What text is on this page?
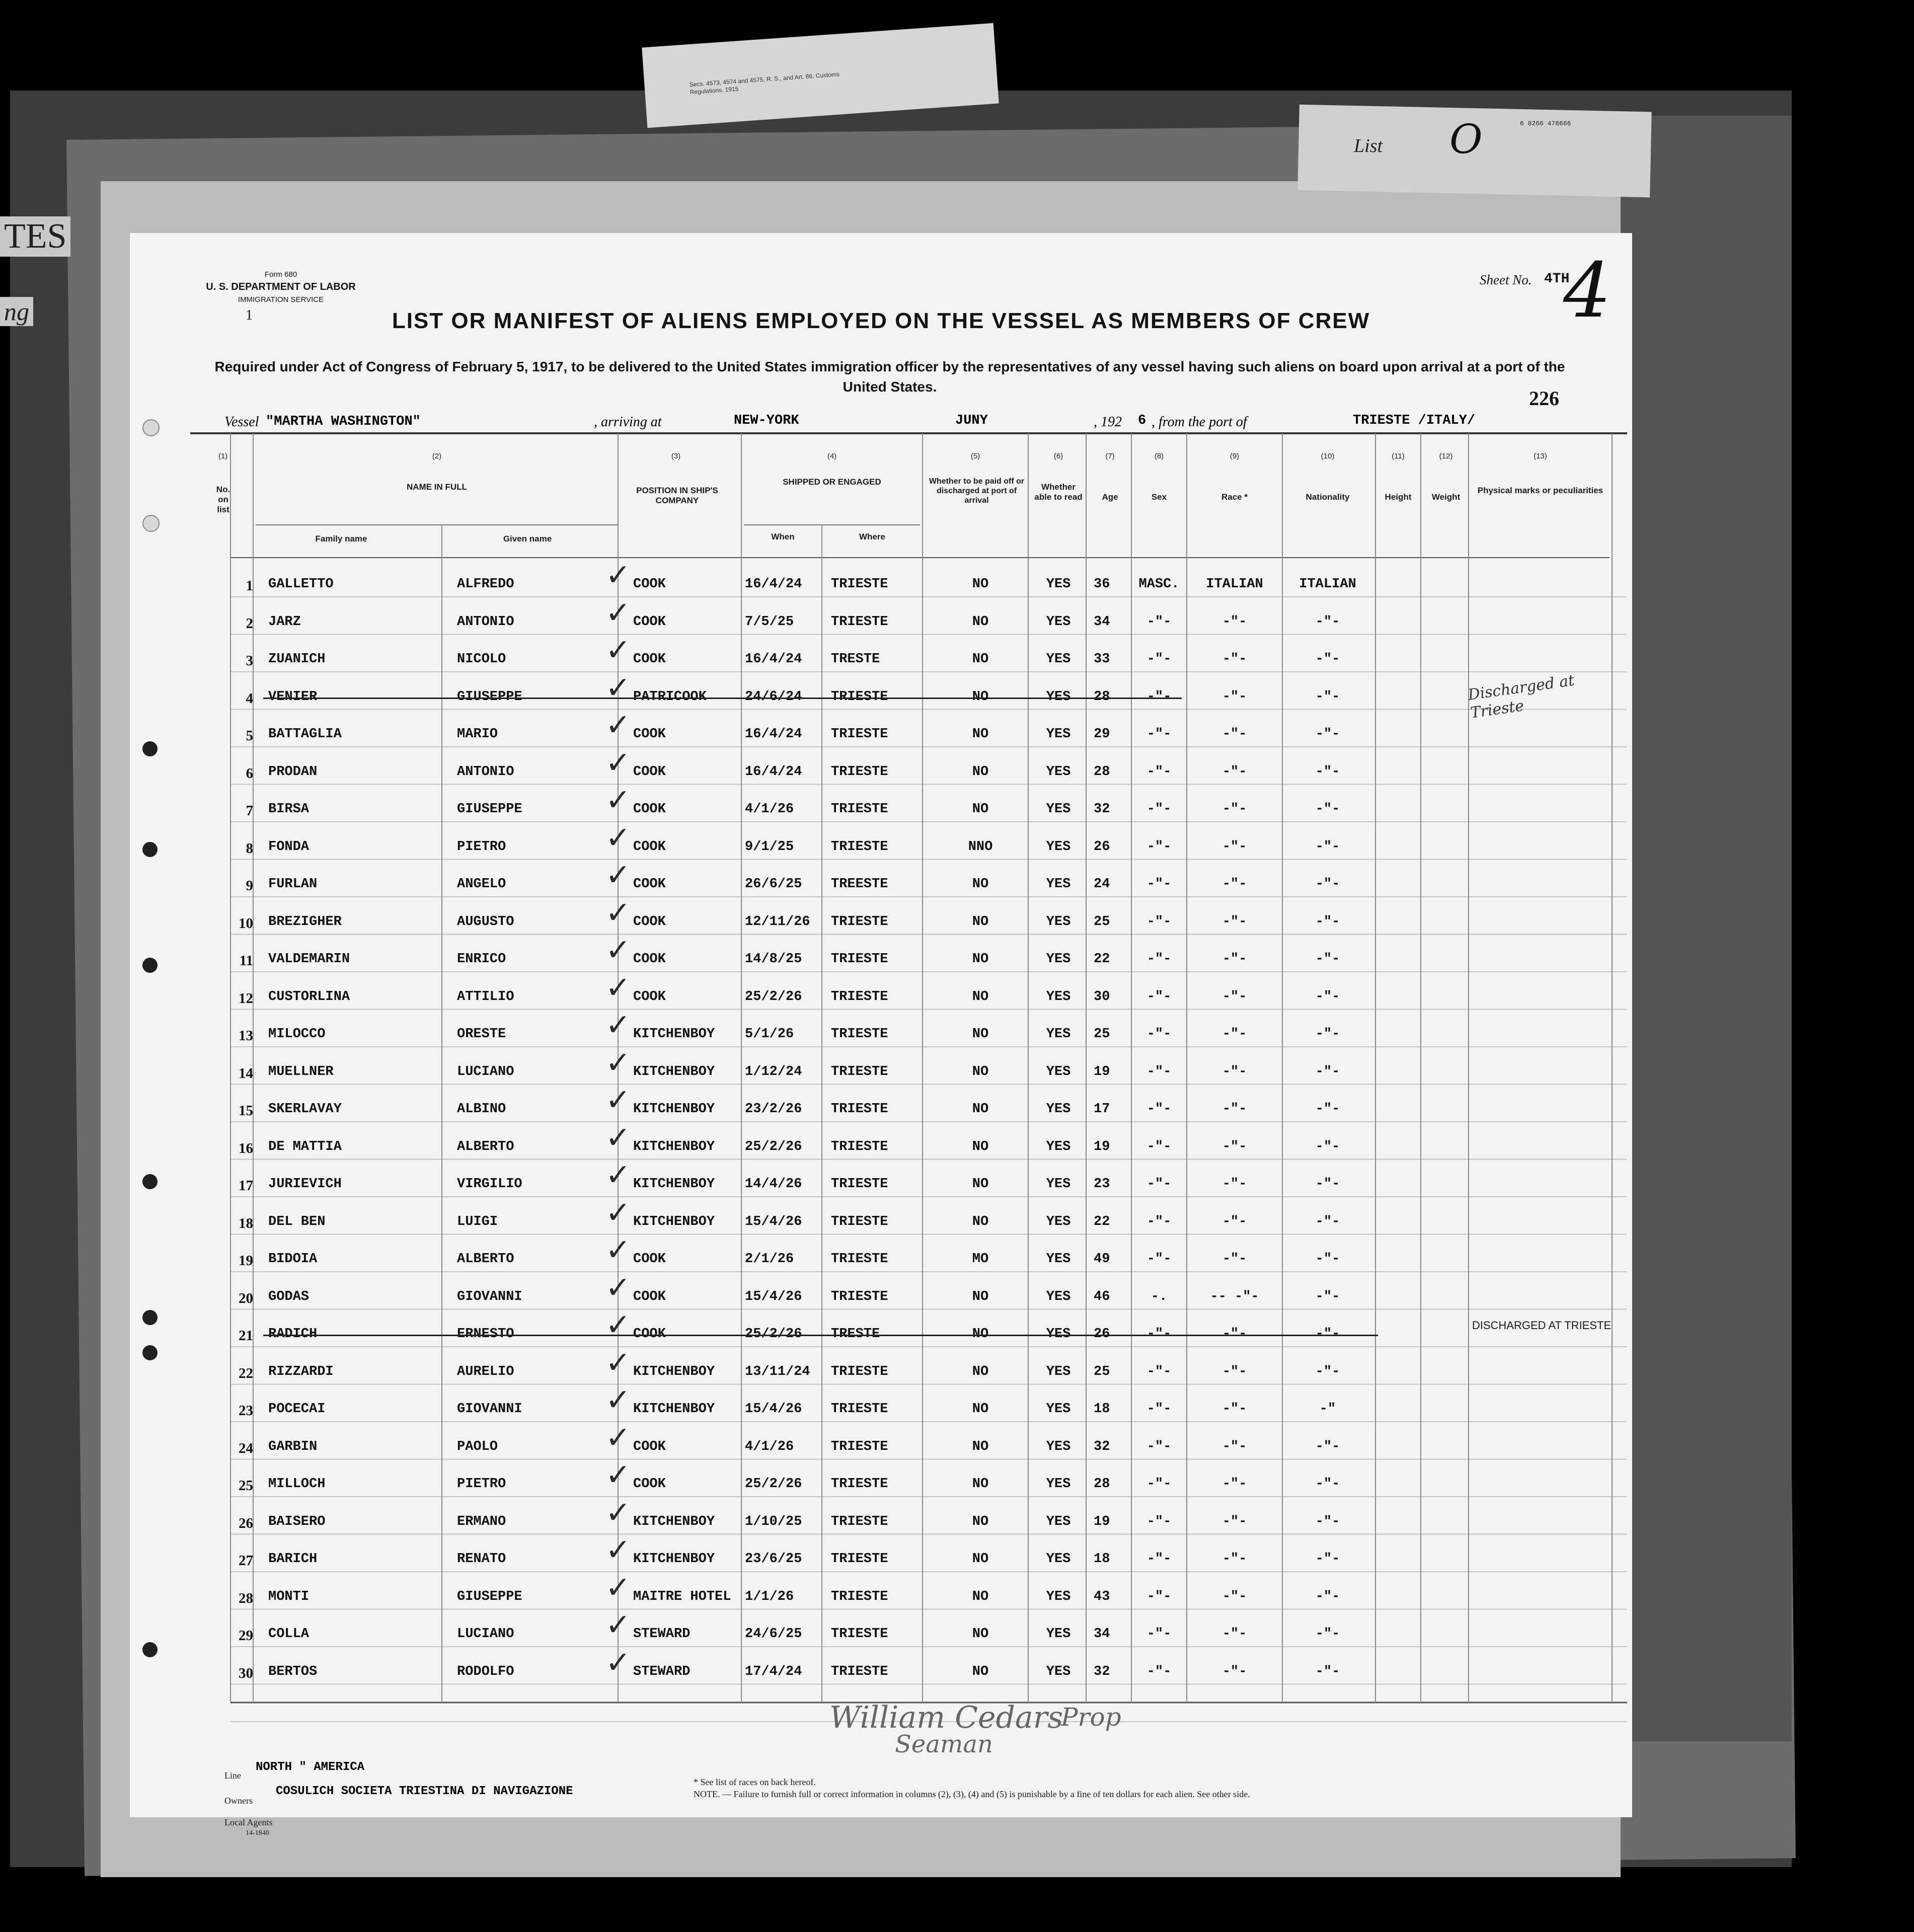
Secs. 4573, 4574 and 4575, R. S., and Art. 86, Customs Regulations, 1915
List O	6 8266 478666
TES
ng
Form 680
U. S. DEPARTMENT OF LABOR
IMMIGRATION SERVICE
1
Sheet No. 4TH
4
LIST OR MANIFEST OF ALIENS EMPLOYED ON THE VESSEL AS MEMBERS OF CREW
Required under Act of Congress of February 5, 1917, to be delivered to the United States immigration officer by the representatives of any vessel having such aliens on board upon arrival at a port of the United States.
226
Vessel "MARTHA WASHINGTON"	, arriving at	NEW-YORK	JUNY	, 192 6 , from the port of	TRIESTE /ITALY/
(1)
No. on list
(2)
NAME IN FULL
Family name	Given name
(3)
POSITION IN SHIP'S COMPANY
(4)
SHIPPED OR ENGAGED
When	Where
(5)
Whether to be paid off or discharged at port of arrival
(6)
Whether able to read
(7)
Age
(8)
Sex
(9)
Race *
(10)
Nationality
(11)
Height
(12)
Weight
(13)
Physical marks or peculiarities
1 GALLETTO	ALFREDO	COOK	16/4/24 TRIESTE	NO	YES	36	MASC.	ITALIAN	ITALIAN
✓
2 JARZ	ANTONIO	COOK	7/5/25	TRIESTE	NO	YES	34	-"-	-"-	-"-
✓
3 ZUANICH	NICOLO	COOK	16/4/24 TRESTE	NO	YES	33	-"-	-"-	-"-
✓
4 VENIER	GIUSEPPE	PATRICOOK	24/6/24 TRIESTE	NO	YES	28	-"-	-"-	-"-
✓
5 BATTAGLIA	MARIO	COOK	16/4/24 TRIESTE	NO	YES	29	-"-	-"-	-"-
✓
6 PRODAN	ANTONIO	COOK	16/4/24 TRIESTE	NO	YES	28	-"-	-"-	-"-
✓
7 BIRSA	GIUSEPPE	COOK	4/1/26	TRIESTE	NO	YES	32	-"-	-"-	-"-
✓
8 FONDA	PIETRO	COOK	9/1/25	TRIESTE	NNO	YES	26	-"-	-"-	-"-
✓
9 FURLAN	ANGELO	COOK	26/6/25 TREESTE	NO	YES	24	-"-	-"-	-"-
✓
10 BREZIGHER	AUGUSTO	COOK	12/11/26 TRIESTE	NO	YES	25	-"-	-"-	-"-
✓
11 VALDEMARIN	ENRICO	COOK	14/8/25 TRIESTE	NO	YES	22	-"-	-"-	-"-
✓
12 CUSTORLINA	ATTILIO	COOK	25/2/26 TRIESTE	NO	YES	30	-"-	-"-	-"-
✓
13 MILOCCO	ORESTE	KITCHENBOY 5/1/26	TRIESTE	NO	YES	25	-"-	-"-	-"-
✓
14 MUELLNER	LUCIANO	KITCHENBOY 1/12/24 TRIESTE	NO	YES	19	-"-	-"-	-"-
✓
15 SKERLAVAY	ALBINO	KITCHENBOY 23/2/26 TRIESTE	NO	YES	17	-"-	-"-	-"-
✓
16 DE MATTIA	ALBERTO	KITCHENBOY 25/2/26 TRIESTE	NO	YES	19	-"-	-"-	-"-
✓
17 JURIEVICH	VIRGILIO	KITCHENBOY 14/4/26 TRIESTE	NO	YES	23	-"-	-"-	-"-
✓
18 DEL BEN	LUIGI	KITCHENBOY 15/4/26 TRIESTE	NO	YES	22	-"-	-"-	-"-
✓
19 BIDOIA	ALBERTO	COOK	2/1/26	TRIESTE	MO	YES	49	-"-	-"-	-"-
✓
20 GODAS	GIOVANNI	COOK	15/4/26 TRIESTE	NO	YES	46	-.	-- -"-	-"-
✓
21 RADICH	ERNESTO	COOK	25/2/26 TRESTE	NO	YES	26	-"-	-"-	-"-
✓
22 RIZZARDI	AURELIO	KITCHENBOY 13/11/24 TRIESTE	NO	YES	25	-"-	-"-	-"-
✓
23 POCECAI	GIOVANNI	KITCHENBOY 15/4/26 TRIESTE	NO	YES	18	-"-	-"-	-"
✓
24 GARBIN	PAOLO	COOK	4/1/26	TRIESTE	NO	YES	32	-"-	-"-	-"-
✓
25 MILLOCH	PIETRO	COOK	25/2/26 TRIESTE	NO	YES	28	-"-	-"-	-"-
✓
26 BAISERO	ERMANO	KITCHENBOY 1/10/25 TRIESTE	NO	YES	19	-"-	-"-	-"-
✓
27 BARICH	RENATO	KITCHENBOY 23/6/25 TRIESTE	NO	YES	18	-"-	-"-	-"-
✓
28 MONTI	GIUSEPPE	MAITRE HOTEL 1/1/26	TRIESTE	NO	YES	43	-"-	-"-	-"-
✓
29 COLLA	LUCIANO	STEWARD	24/6/25 TRIESTE	NO	YES	34	-"-	-"-	-"-
✓
30 BERTOS	RODOLFO	STEWARD	17/4/24 TRIESTE	NO	YES	32	-"-	-"-	-"-
✓
Discharged at Trieste
DISCHARGED AT TRIESTE
William Cedars
Seaman
Prop
Line
NORTH " AMERICA
Owners
COSULICH SOCIETA TRIESTINA DI NAVIGAZIONE
Local Agents
14-1840
* See list of races on back hereof.
NOTE. — Failure to furnish full or correct information in columns (2), (3), (4) and (5) is punishable by a fine of ten dollars for each alien. See other side.
